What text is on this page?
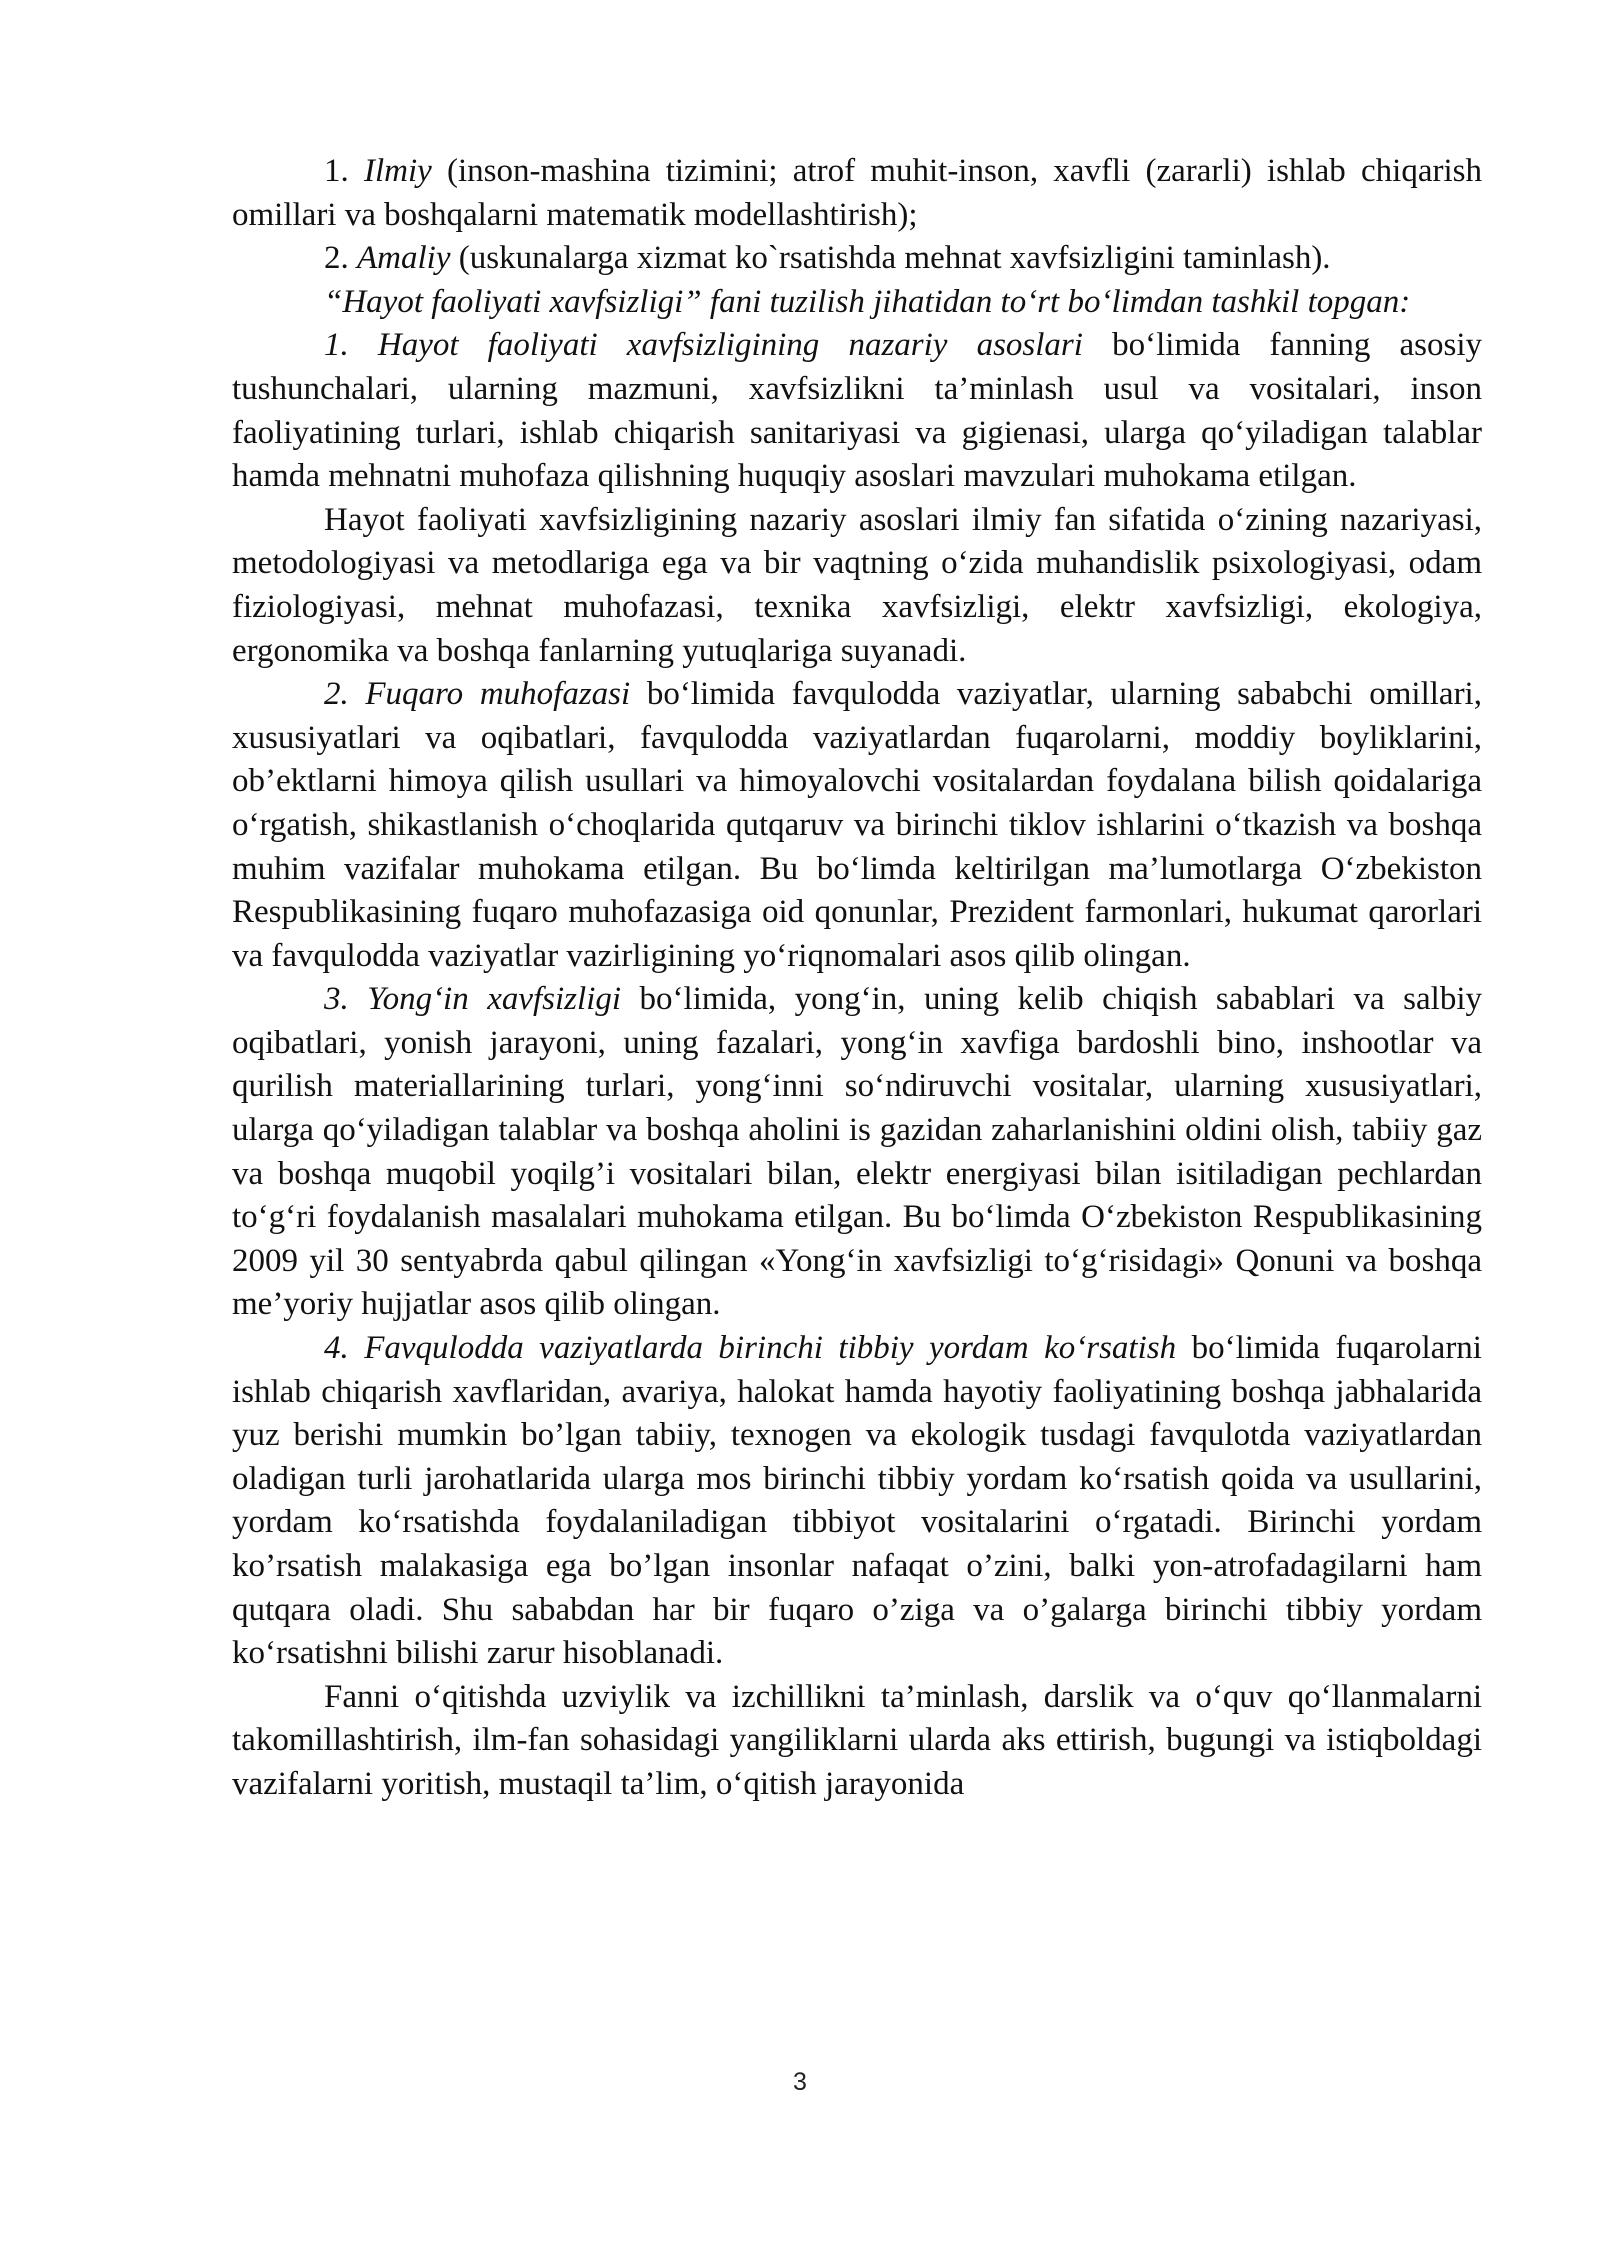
1. Ilmiy (inson-mashina tizimini; atrof muhit-inson, xavfli (zararli) ishlab chiqarish omillari va boshqalarni matematik modellashtirish);

2. Amaliy (uskunalarga xizmat ko`rsatishda mehnat xavfsizligini taminlash).

“Hayot faoliyati xavfsizligi” fani tuzilish jihatidan to‘rt bo‘limdan tashkil topgan:

1. Hayot faoliyati xavfsizligining nazariy asoslari bo‘limida fanning asosiy tushunchalari, ularning mazmuni, xavfsizlikni ta’minlash usul va vositalari, inson faoliyatining turlari, ishlab chiqarish sanitariyasi va gigienasi, ularga qo‘yiladigan talablar hamda mehnatni muhofaza qilishning huquqiy asoslari mavzulari muhokama etilgan.

Hayot faoliyati xavfsizligining nazariy asoslari ilmiy fan sifatida o‘zining nazariyasi, metodologiyasi va metodlariga ega va bir vaqtning o‘zida muhandislik psixologiyasi, odam fiziologiyasi, mehnat muhofazasi, texnika xavfsizligi, elektr xavfsizligi, ekologiya, ergonomika va boshqa fanlarning yutuqlariga suyanadi.

2. Fuqaro muhofazasi bo‘limida favqulodda vaziyatlar, ularning sababchi omillari, xususiyatlari va oqibatlari, favqulodda vaziyatlardan fuqarolarni, moddiy boyliklarini, ob’ektlarni himoya qilish usullari va himoyalovchi vositalardan foydalana bilish qoidalariga o‘rgatish, shikastlanish o‘choqlarida qutqaruv va birinchi tiklov ishlarini o‘tkazish va boshqa muhim vazifalar muhokama etilgan. Bu bo‘limda keltirilgan ma’lumotlarga O‘zbekiston Respublikasining fuqaro muhofazasiga oid qonunlar, Prezident farmonlari, hukumat qarorlari va favqulodda vaziyatlar vazirligining yo‘riqnomalari asos qilib olingan.

3. Yong‘in xavfsizligi bo‘limida, yong‘in, uning kelib chiqish sabablari va salbiy oqibatlari, yonish jarayoni, uning fazalari, yong‘in xavfiga bardoshli bino, inshootlar va qurilish materiallarining turlari, yong‘inni so‘ndiruvchi vositalar, ularning xususiyatlari, ularga qo‘yiladigan talablar va boshqa aholini is gazidan zaharlanishini oldini olish, tabiiy gaz va boshqa muqobil yoqilg’i vositalari bilan, elektr energiyasi bilan isitiladigan pechlardan to‘g‘ri foydalanish masalalari muhokama etilgan. Bu bo‘limda O‘zbekiston Respublikasining 2009 yil 30 sentyabrda qabul qilingan «Yong‘in xavfsizligi to‘g‘risidagi» Qonuni va boshqa me’yoriy hujjatlar asos qilib olingan.

4. Favqulodda vaziyatlarda birinchi tibbiy yordam ko‘rsatish bo‘limida fuqarolarni ishlab chiqarish xavflaridan, avariya, halokat hamda hayotiy faoliyatining boshqa jabhalarida yuz berishi mumkin bo’lgan tabiiy, texnogen va ekologik tusdagi favqulotda vaziyatlardan oladigan turli jarohatlarida ularga mos birinchi tibbiy yordam ko‘rsatish qoida va usullarini, yordam ko‘rsatishda foydalaniladigan tibbiyot vositalarini o‘rgatadi. Birinchi yordam ko’rsatish malakasiga ega bo’lgan insonlar nafaqat o’zini, balki yon-atrofadagilarni ham qutqara oladi. Shu sababdan har bir fuqaro o’ziga va o’galarga birinchi tibbiy yordam ko‘rsatishni bilishi zarur hisoblanadi.

Fanni o‘qitishda uzviylik va izchillikni ta’minlash, darslik va o‘quv qo‘llanmalarni takomillashtirish, ilm-fan sohasidagi yangiliklarni ularda aks ettirish, bugungi va istiqboldagi vazifalarni yoritish, mustaqil ta’lim, o‘qitish jarayonida

3
